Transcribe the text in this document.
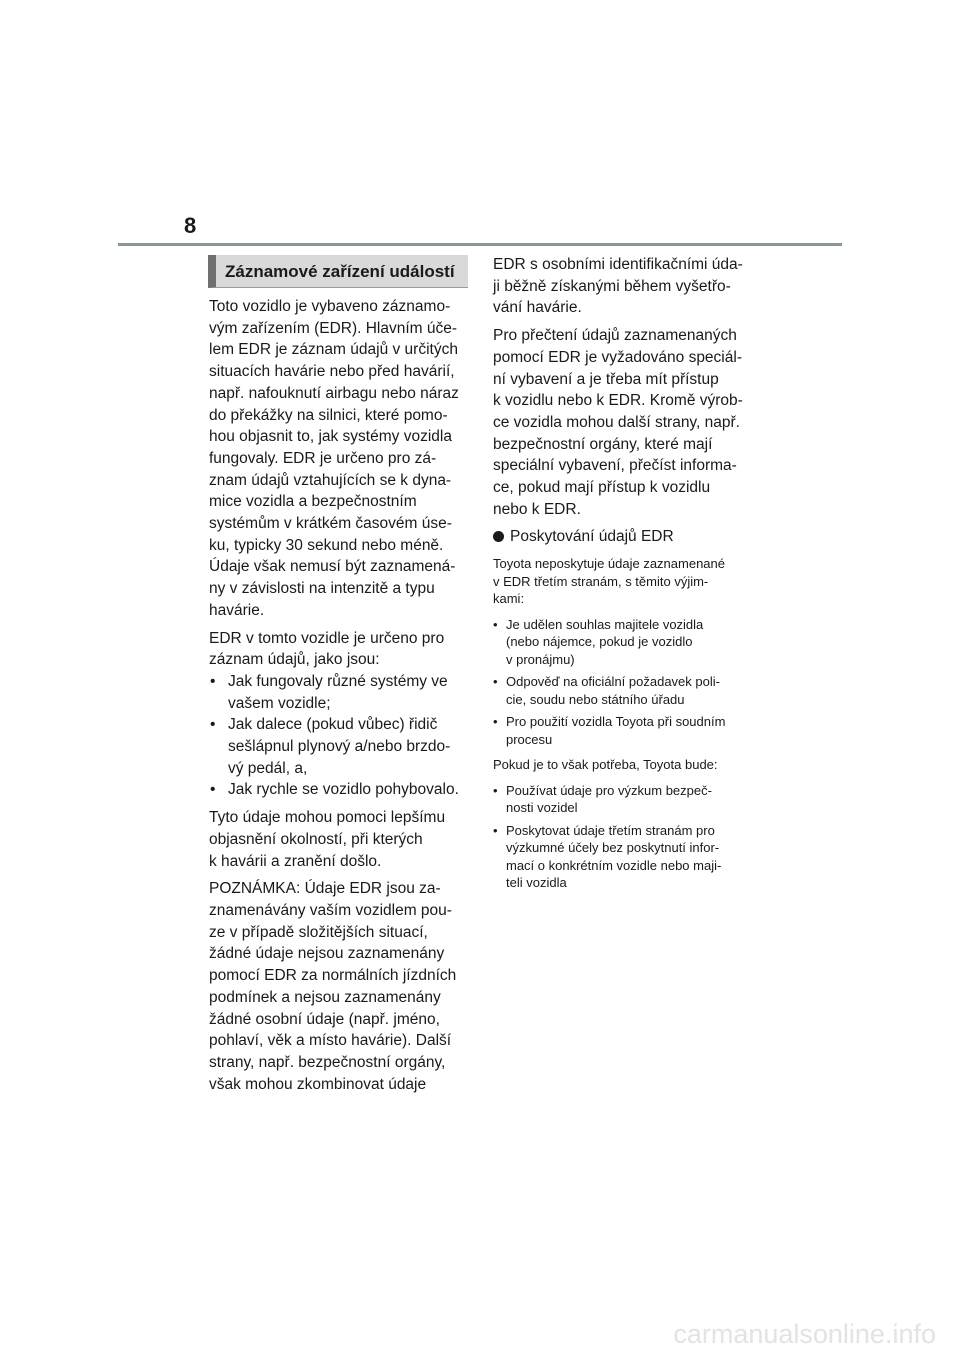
8
Záznamové zařízení událostí

Toto vozidlo je vybaveno záznamo-
vým zařízením (EDR). Hlavním úče-
lem EDR je záznam údajů v určitých
situacích havárie nebo před havárií,
např. nafouknutí airbagu nebo náraz
do překážky na silnici, které pomo-
hou objasnit to, jak systémy vozidla
fungovaly. EDR je určeno pro zá-
znam údajů vztahujících se k dyna-
mice vozidla a bezpečnostním
systémům v krátkém časovém úse-
ku, typicky 30 sekund nebo méně.
Údaje však nemusí být zaznamená-
ny v závislosti na intenzitě a typu
havárie.

EDR v tomto vozidle je určeno pro
záznam údajů, jako jsou:

• Jak fungovaly různé systémy ve
vašem vozidle;
• Jak dalece (pokud vůbec) řidič
sešlápnul plynový a/nebo brzdo-
vý pedál, a,
• Jak rychle se vozidlo pohybovalo.

Tyto údaje mohou pomoci lepšímu
objasnění okolností, při kterých
k havárii a zranění došlo.

POZNÁMKA: Údaje EDR jsou za-
znamenávány vaším vozidlem pou-
ze v případě složitějších situací,
žádné údaje nejsou zaznamenány
pomocí EDR za normálních jízdních
podmínek a nejsou zaznamenány
žádné osobní údaje (např. jméno,
pohlaví, věk a místo havárie). Další
strany, např. bezpečnostní orgány,
však mohou zkombinovat údaje

EDR s osobními identifikačními úda-
ji běžně získanými během vyšetřo-
vání havárie.

Pro přečtení údajů zaznamenaných
pomocí EDR je vyžadováno speciál-
ní vybavení a je třeba mít přístup
k vozidlu nebo k EDR. Kromě výrob-
ce vozidla mohou další strany, např.
bezpečnostní orgány, které mají
speciální vybavení, přečíst informa-
ce, pokud mají přístup k vozidlu
nebo k EDR.

Poskytování údajů EDR

Toyota neposkytuje údaje zaznamenané
v EDR třetím stranám, s těmito výjim-
kami:

• Je udělen souhlas majitele vozidla
(nebo nájemce, pokud je vozidlo
v pronájmu)
• Odpověď na oficiální požadavek poli-
cie, soudu nebo státního úřadu
• Pro použití vozidla Toyota při soudním
procesu

Pokud je to však potřeba, Toyota bude:

• Používat údaje pro výzkum bezpeč-
nosti vozidel
• Poskytovat údaje třetím stranám pro
výzkumné účely bez poskytnutí infor-
mací o konkrétním vozidle nebo maji-
teli vozidla
carmanualsonline.info
